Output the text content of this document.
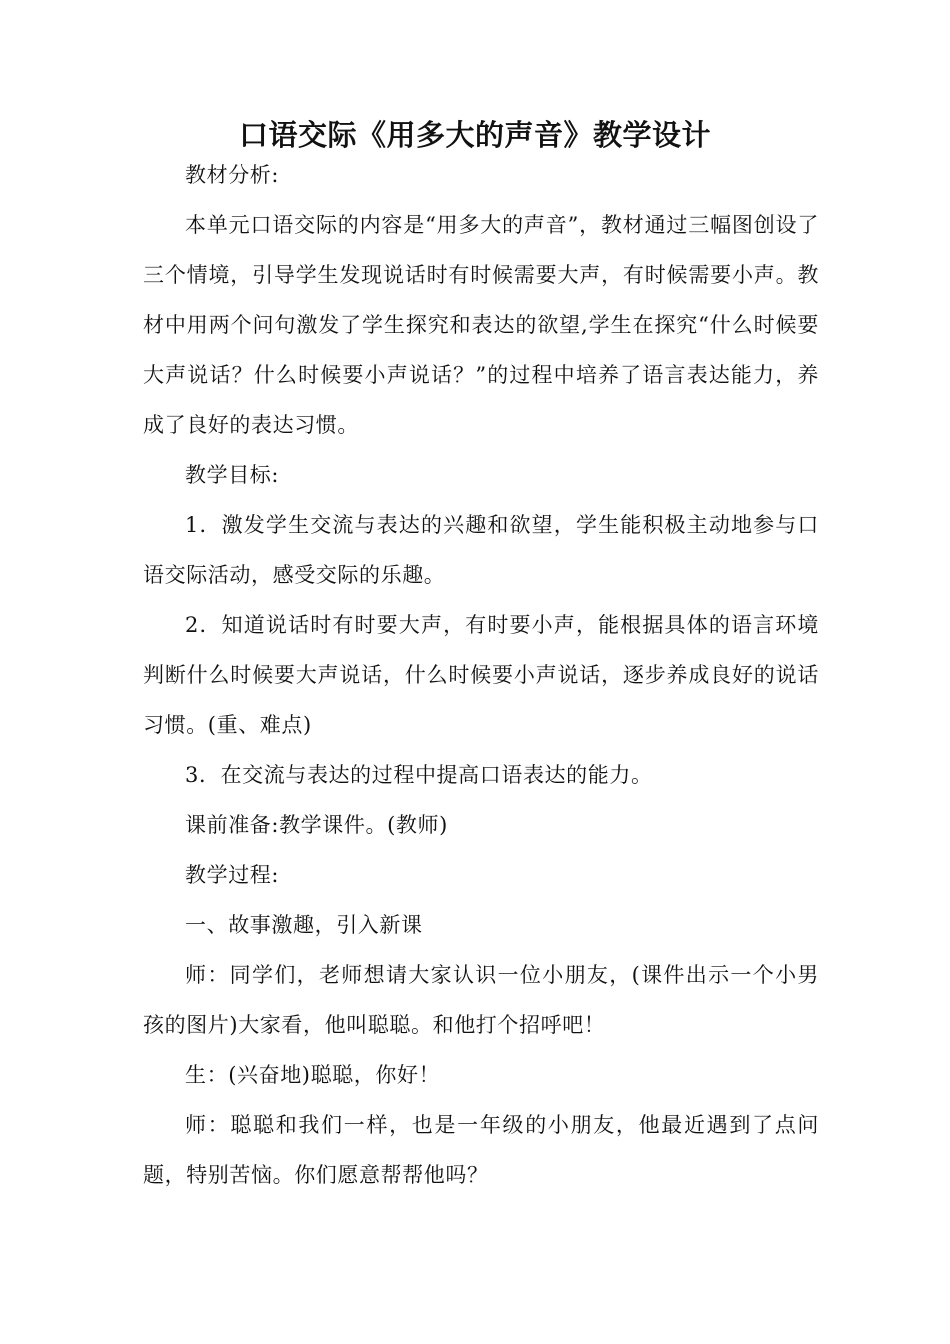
口语交际《用多大的声音》教学设计

教材分析:

本单元口语交际的内容是“用多大的声音”，教材通过三幅图创设了三个情境，引导学生发现说话时有时候需要大声，有时候需要小声。教材中用两个问句激发了学生探究和表达的欲望,学生在探究“什么时候要大声说话？什么时候要小声说话？”的过程中培养了语言表达能力，养成了良好的表达习惯。

教学目标:

1．激发学生交流与表达的兴趣和欲望，学生能积极主动地参与口语交际活动，感受交际的乐趣。

2．知道说话时有时要大声，有时要小声，能根据具体的语言环境判断什么时候要大声说话，什么时候要小声说话，逐步养成良好的说话习惯。(重、难点)

3．在交流与表达的过程中提高口语表达的能力。

课前准备:教学课件。(教师)

教学过程:

一、故事激趣，引入新课

师：同学们，老师想请大家认识一位小朋友，(课件出示一个小男孩的图片)大家看，他叫聪聪。和他打个招呼吧！

生：(兴奋地)聪聪，你好！

师：聪聪和我们一样，也是一年级的小朋友，他最近遇到了点问题，特别苦恼。你们愿意帮帮他吗？
